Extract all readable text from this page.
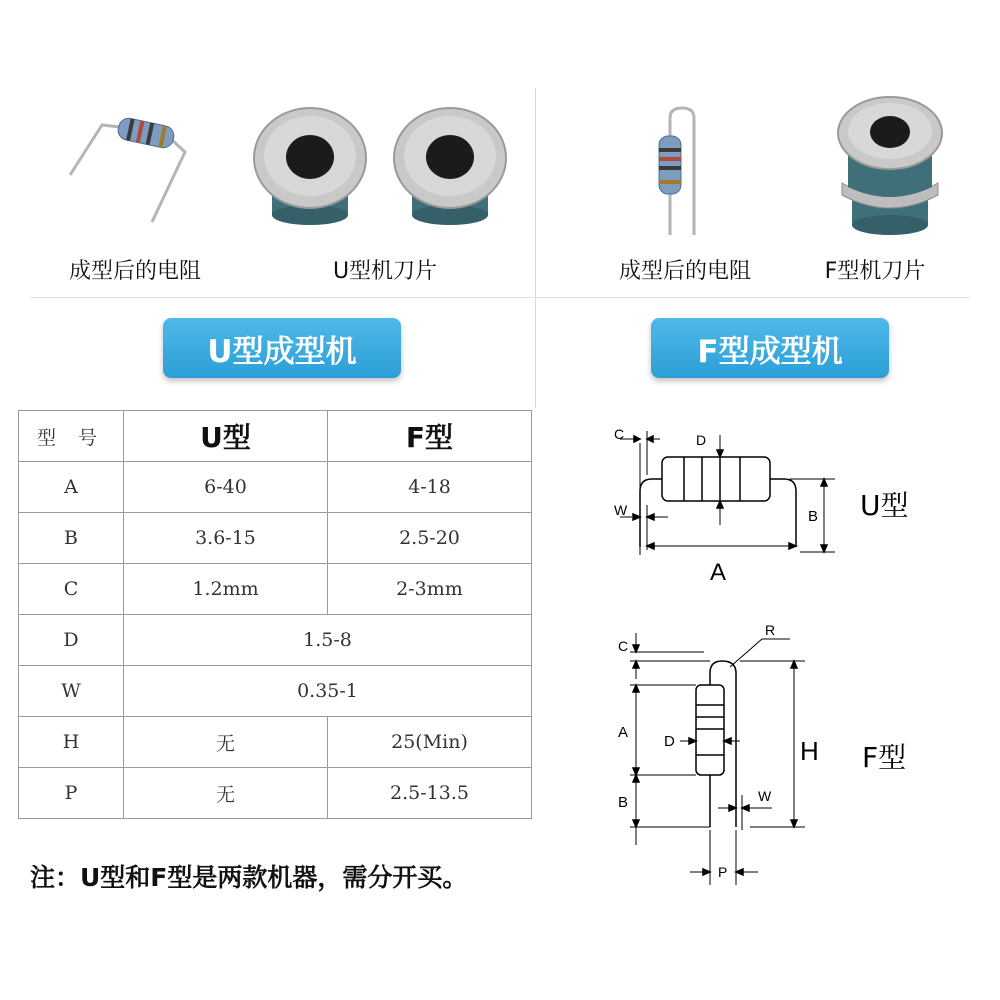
成型后的电阻	U型机刀片	成型后的电阻	F型机刀片
U型成型机	F型成型机
型 号	U型	F型
A	6-40	4-18
B	3.6-15	2.5-20
C	1.2mm	2-3mm
D	1.5-8	
W	0.35-1	
H	无	25(Min)
P	无	2.5-13.5
注：U型和F型是两款机器，需分开买。
C	D
W	B
A
U型
C
R
A
D	H
B	W
P
F型
